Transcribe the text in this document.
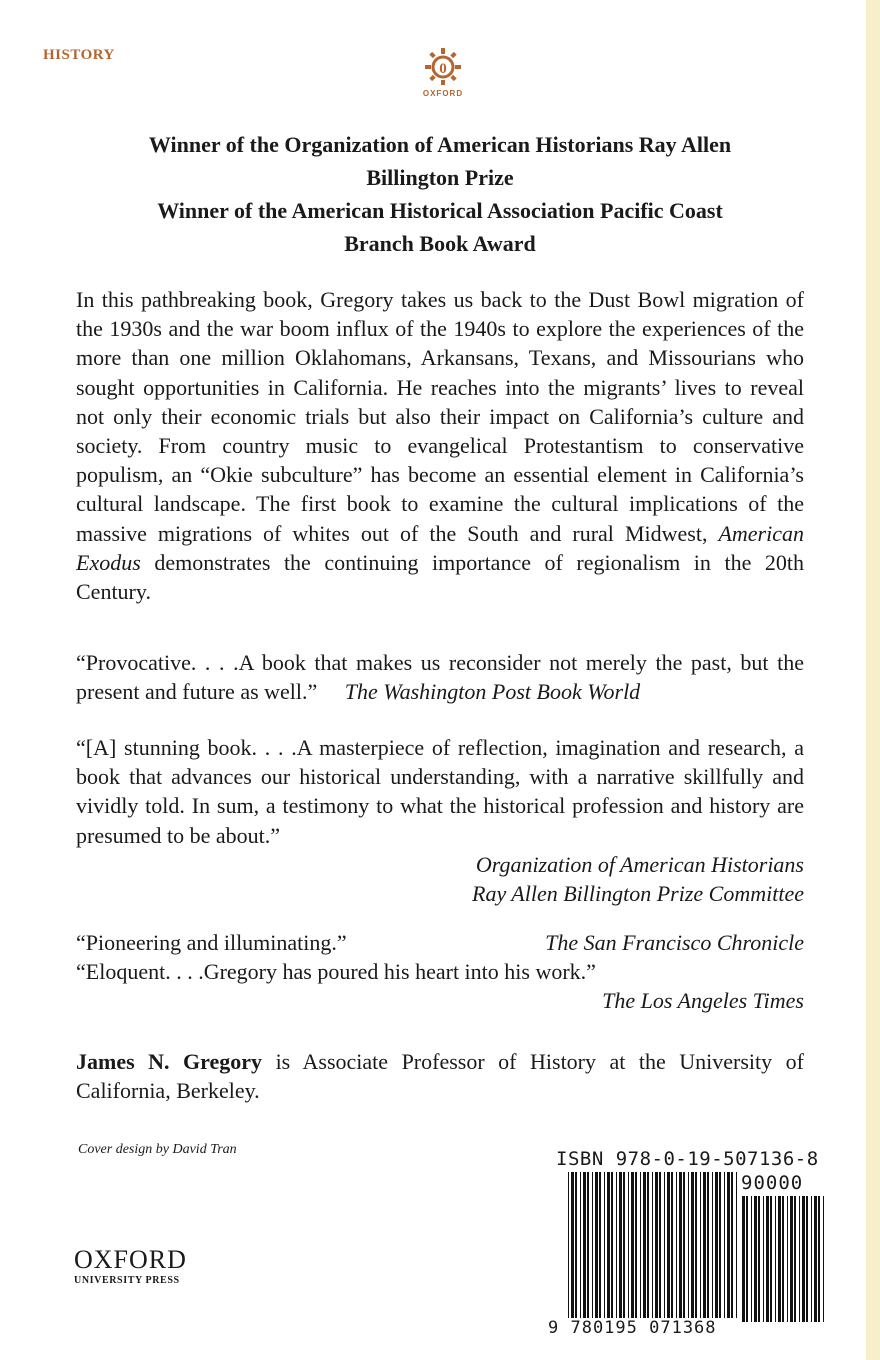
HISTORY
0
OXFORD
Winner of the Organization of American Historians Ray Allen
Billington Prize
Winner of the American Historical Association Pacific Coast
Branch Book Award
In this pathbreaking book, Gregory takes us back to the Dust Bowl migration of the 1930s and the war boom influx of the 1940s to explore the experiences of the more than one million Oklahomans, Arkansans, Texans, and Missourians who sought opportunities in California. He reaches into the migrants’ lives to reveal not only their economic trials but also their impact on California’s culture and society. From country music to evangelical Protestantism to conservative populism, an “Okie subculture” has become an essential element in California’s cultural landscape. The first book to examine the cultural implications of the massive migrations of whites out of the South and rural Midwest, American Exodus demonstrates the continuing importance of regionalism in the 20th Century.
“Provocative. . . .A book that makes us reconsider not merely the past, but the present and future as well.” The Washington Post Book World
“[A] stunning book. . . .A masterpiece of reflection, imagination and research, a book that advances our historical understanding, with a narrative skillfully and vividly told. In sum, a testimony to what the historical profession and history are presumed to be about.”
Organization of American Historians
Ray Allen Billington Prize Committee
“Pioneering and illuminating.”	The San Francisco Chronicle
“Eloquent. . . .Gregory has poured his heart into his work.”
The Los Angeles Times
James N. Gregory is Associate Professor of History at the University of California, Berkeley.
Cover design by David Tran
OXFORD
UNIVERSITY PRESS
ISBN 978-0-19-507136-8
90000
9 780195 071368
